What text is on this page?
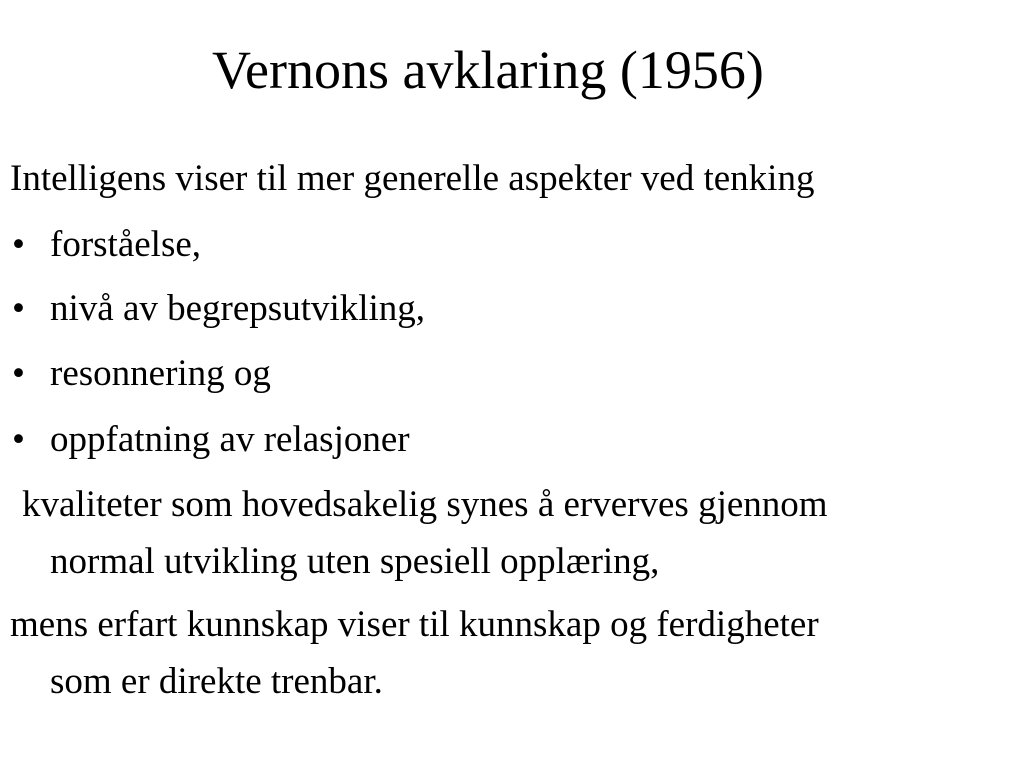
Vernons avklaring (1956)
Intelligens viser til mer generelle aspekter ved tenking
• forståelse,
• nivå av begrepsutvikling,
• resonnering og
• oppfatning av relasjoner
kvaliteter som hovedsakelig synes å erverves gjennom
normal utvikling uten spesiell opplæring,
mens erfart kunnskap viser til kunnskap og ferdigheter
som er direkte trenbar.
